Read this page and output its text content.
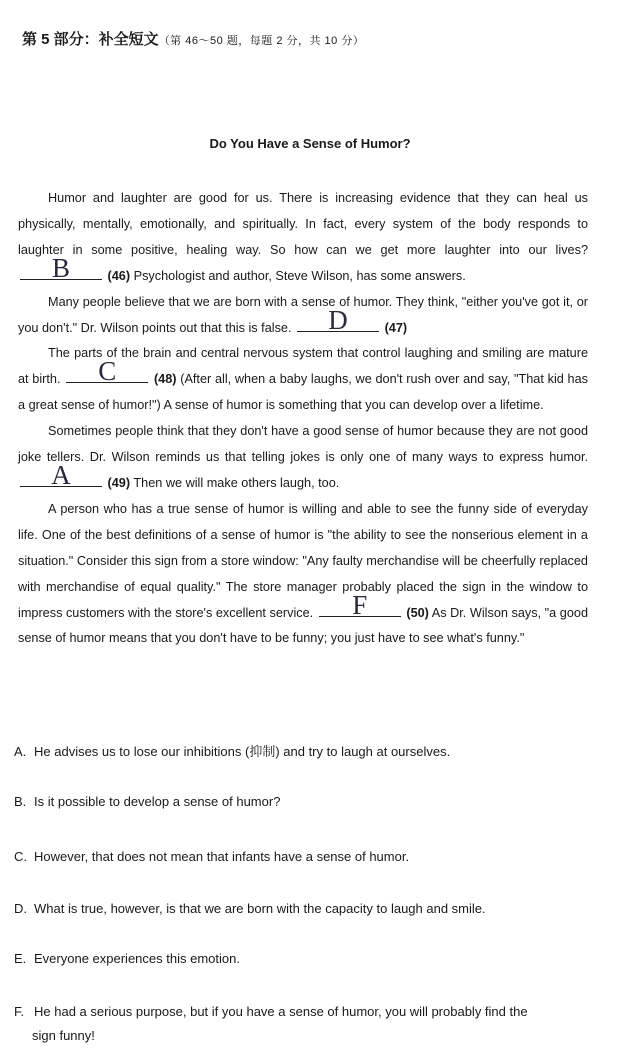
第 5 部分：补全短文（第 46～50 题，每题 2 分，共 10 分）
Do You Have a Sense of Humor?

Humor and laughter are good for us. There is increasing evidence that they can heal us physically, mentally, emotionally, and spiritually. In fact, every system of the body responds to laughter in some positive, healing way. So how can we get more laughter into our lives?
B	(46) Psychologist and author, Steve Wilson, has some answers.

Many people believe that we are born with a sense of humor. They think, "either you've got it, or you don't." Dr. Wilson points out that this is false.	D	(47)

The parts of the brain and central nervous system that control laughing and smiling are mature at birth.	C	(48) (After all, when a baby laughs, we don't rush over and say, "That kid has a great sense of humor!") A sense of humor is something that you can develop over a lifetime.

Sometimes people think that they don't have a good sense of humor because they are not good joke tellers. Dr. Wilson reminds us that telling jokes is only one of many ways to express humor.
A	(49) Then we will make others laugh, too.

A person who has a true sense of humor is willing and able to see the funny side of everyday life. One of the best definitions of a sense of humor is "the ability to see the nonserious element in a situation." Consider this sign from a store window: "Any faulty merchandise will be cheerfully replaced with merchandise of equal quality." The store manager probably placed the sign in the window to impress customers with the store's excellent service.	F	(50) As Dr. Wilson says, "a good sense of humor means that you don't have to be funny; you just have to see what's funny."

A. He advises us to lose our inhibitions (抑制) and try to laugh at ourselves.
B. Is it possible to develop a sense of humor?
C. However, that does not mean that infants have a sense of humor.
D. What is true, however, is that we are born with the capacity to laugh and smile.
E. Everyone experiences this emotion.
F. He had a serious purpose, but if you have a sense of humor, you will probably find the
sign funny!
